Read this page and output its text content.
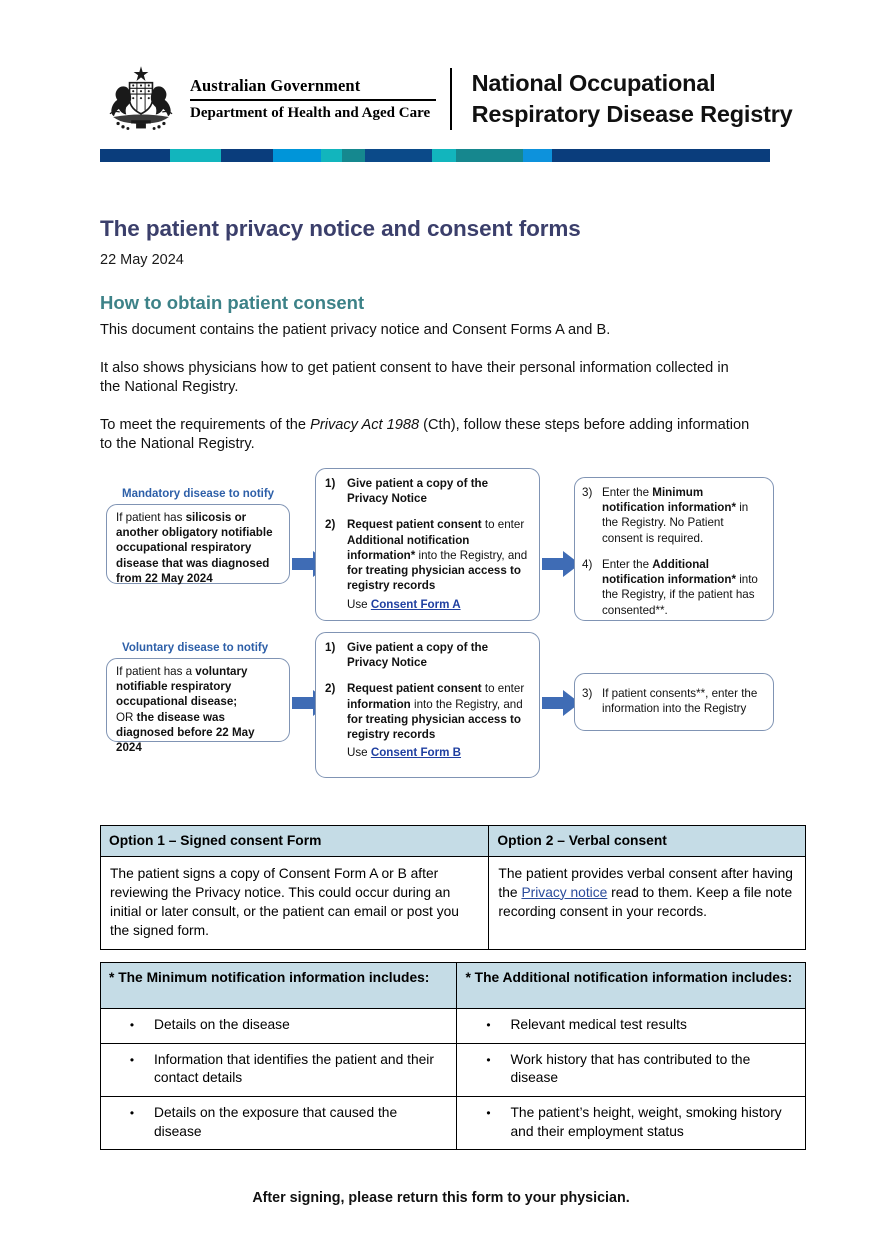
Australian Government
Department of Health and Aged Care
National Occupational
Respiratory Disease Registry
The patient privacy notice and consent forms
22 May 2024
How to obtain patient consent
This document contains the patient privacy notice and Consent Forms A and B.
It also shows physicians how to get patient consent to have their personal information collected in the National Registry.
To meet the requirements of the Privacy Act 1988 (Cth), follow these steps before adding information to the National Registry.
Mandatory disease to notify
If patient has silicosis or another obligatory notifiable occupational respiratory disease that was diagnosed from 22 May 2024
1)	Give patient a copy of the Privacy Notice
2)	Request patient consent to enter Additional notification information* into the Registry, and for treating physician access to registry records
Use Consent Form A
3) Enter the Minimum notification information* in the Registry. No Patient consent is required.
4) Enter the Additional notification information* into the Registry, if the patient has consented**.
Voluntary disease to notify
If patient has a voluntary notifiable respiratory occupational disease;
OR the disease was diagnosed before 22 May 2024
1)	Give patient a copy of the Privacy Notice
2)	Request patient consent to enter information into the Registry, and for treating physician access to registry records
Use Consent Form B
3) If patient consents**, enter the information into the Registry
Option 1 – Signed consent Form	Option 2 – Verbal consent
The patient signs a copy of Consent Form A or B after reviewing the Privacy notice. This could occur during an initial or later consult, or the patient can email or post you the signed form.	The patient provides verbal consent after having the Privacy notice read to them. Keep a file note recording consent in your records.
* The Minimum notification information includes:	* The Additional notification information includes:

• Details on the disease	• Relevant medical test results

• Information that identifies the patient and their contact details	• Work history that has contributed to the disease

• Details on the exposure that caused the disease	• The patient’s height, weight, smoking history and their employment status
After signing, please return this form to your physician.
